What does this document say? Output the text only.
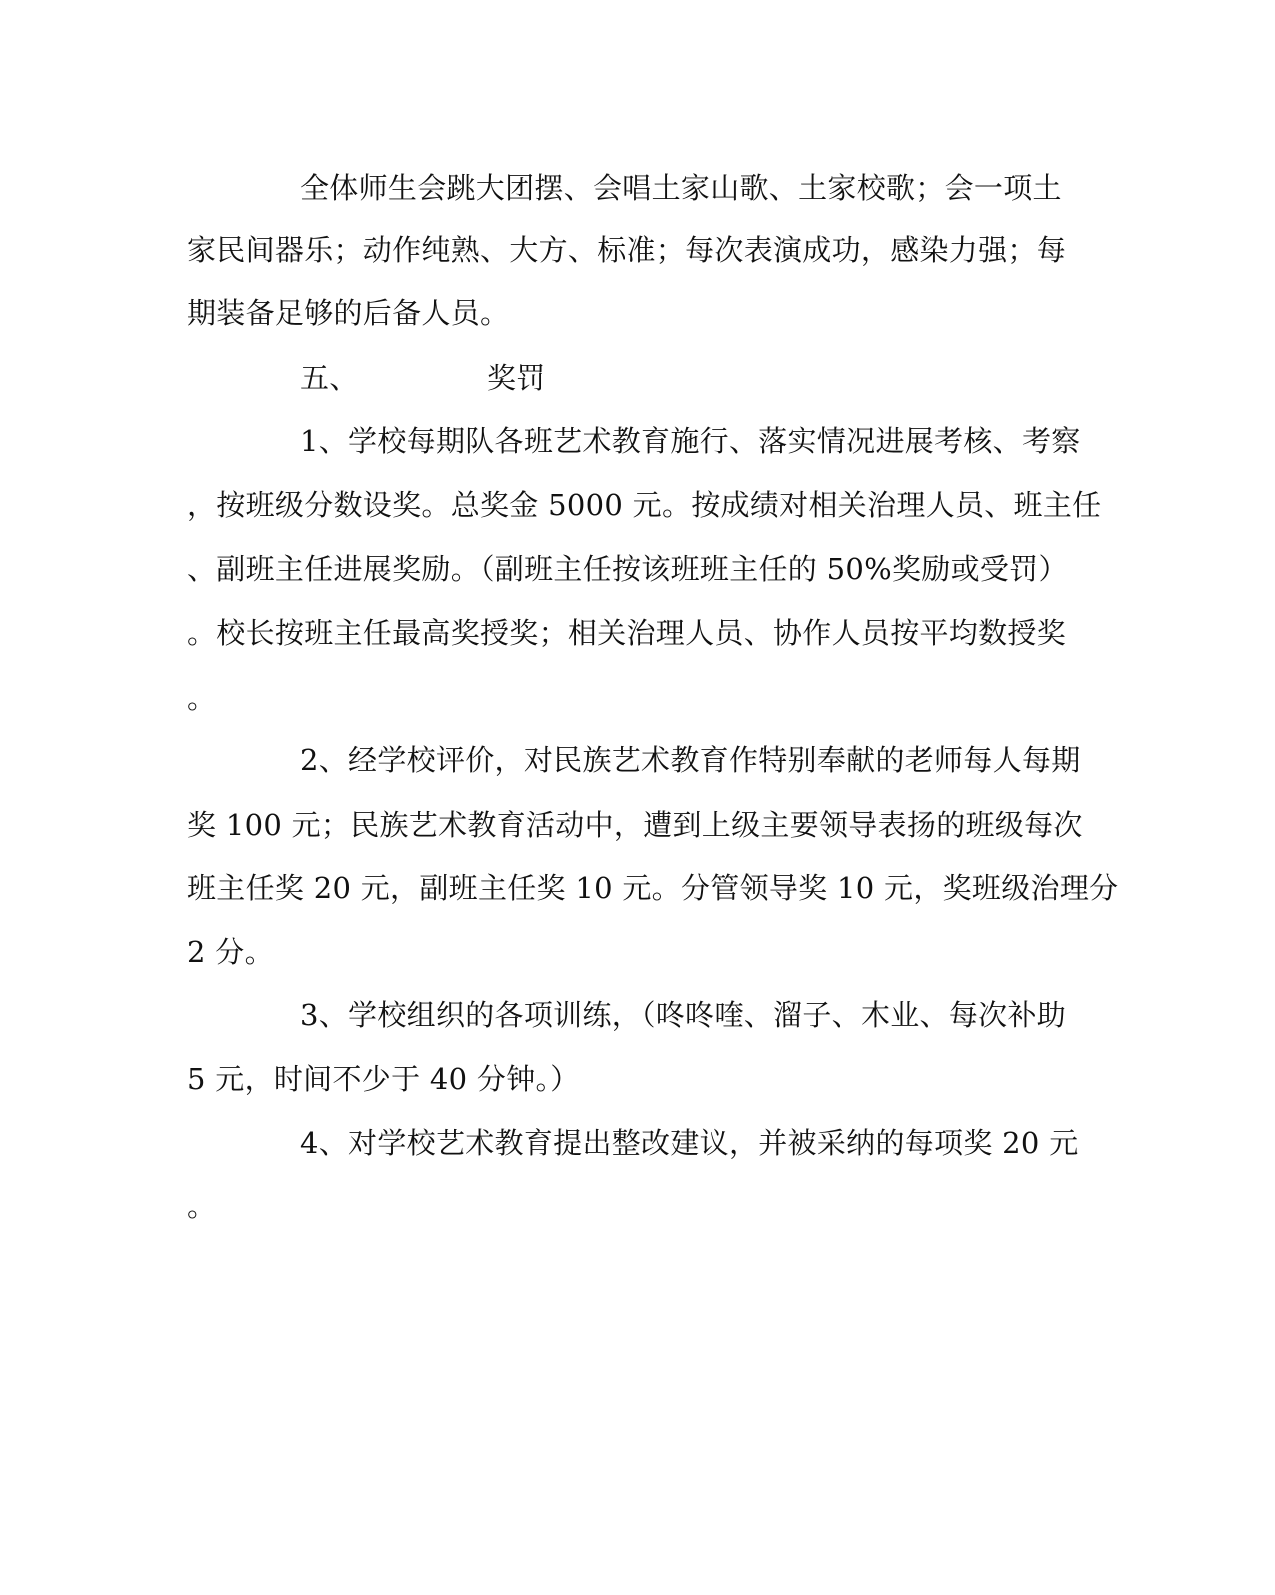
全体师生会跳大团摆、会唱土家山歌、土家校歌；会一项土
家民间器乐；动作纯熟、大方、标准；每次表演成功，感染力强；每
期装备足够的后备人员。
五、	奖罚
1、学校每期队各班艺术教育施行、落实情况进展考核、考察
，按班级分数设奖。总奖金 5000 元。按成绩对相关治理人员、班主任
、副班主任进展奖励。（副班主任按该班班主任的 50%奖励或受罚）
。校长按班主任最高奖授奖；相关治理人员、协作人员按平均数授奖
。
2、经学校评价，对民族艺术教育作特别奉献的老师每人每期
奖 100 元；民族艺术教育活动中，遭到上级主要领导表扬的班级每次
班主任奖 20 元，副班主任奖 10 元。分管领导奖 10 元，奖班级治理分
2 分。
3、学校组织的各项训练，（咚咚喹、溜子、木业、每次补助
5 元，时间不少于 40 分钟。）
4、对学校艺术教育提出整改建议，并被采纳的每项奖 20 元
。
